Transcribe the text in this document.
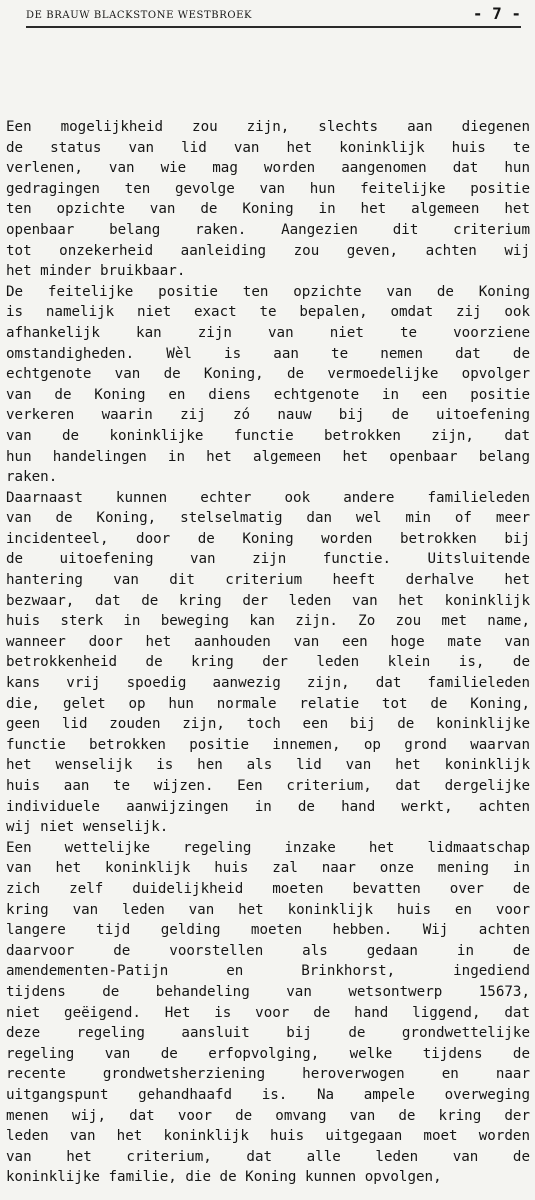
DE BRAUW BLACKSTONE WESTBROEK	- 7 -
Een mogelijkheid zou zijn, slechts aan diegenen
de status van lid van het koninklijk huis te
verlenen, van wie mag worden aangenomen dat hun
gedragingen ten gevolge van hun feitelijke positie
ten opzichte van de Koning in het algemeen het
openbaar belang raken. Aangezien dit criterium
tot onzekerheid aanleiding zou geven, achten wij
het minder bruikbaar.
De feitelijke positie ten opzichte van de Koning
is namelijk niet exact te bepalen, omdat zij ook
afhankelijk kan zijn van niet te voorziene
omstandigheden. Wèl is aan te nemen dat de
echtgenote van de Koning, de vermoedelijke opvolger
van de Koning en diens echtgenote in een positie
verkeren waarin zij zó nauw bij de uitoefening
van de koninklijke functie betrokken zijn, dat
hun handelingen in het algemeen het openbaar belang
raken.
Daarnaast kunnen echter ook andere familieleden
van de Koning, stelselmatig dan wel min of meer
incidenteel, door de Koning worden betrokken bij
de uitoefening van zijn functie. Uitsluitende
hantering van dit criterium heeft derhalve het
bezwaar, dat de kring der leden van het koninklijk
huis sterk in beweging kan zijn. Zo zou met name,
wanneer door het aanhouden van een hoge mate van
betrokkenheid de kring der leden klein is, de
kans vrij spoedig aanwezig zijn, dat familieleden
die, gelet op hun normale relatie tot de Koning,
geen lid zouden zijn, toch een bij de koninklijke
functie betrokken positie innemen, op grond waarvan
het wenselijk is hen als lid van het koninklijk
huis aan te wijzen. Een criterium, dat dergelijke
individuele aanwijzingen in de hand werkt, achten
wij niet wenselijk.
Een wettelijke regeling inzake het lidmaatschap
van het koninklijk huis zal naar onze mening in
zich zelf duidelijkheid moeten bevatten over de
kring van leden van het koninklijk huis en voor
langere tijd gelding moeten hebben. Wij achten
daarvoor de voorstellen als gedaan in de
amendementen-Patijn en Brinkhorst, ingediend
tijdens de behandeling van wetsontwerp 15673,
niet geëigend. Het is voor de hand liggend, dat
deze regeling aansluit bij de grondwettelijke
regeling van de erfopvolging, welke tijdens de
recente grondwetsherziening heroverwogen en naar
uitgangspunt gehandhaafd is. Na ampele overweging
menen wij, dat voor de omvang van de kring der
leden van het koninklijk huis uitgegaan moet worden
van het criterium, dat alle leden van de
koninklijke familie, die de Koning kunnen opvolgen,
